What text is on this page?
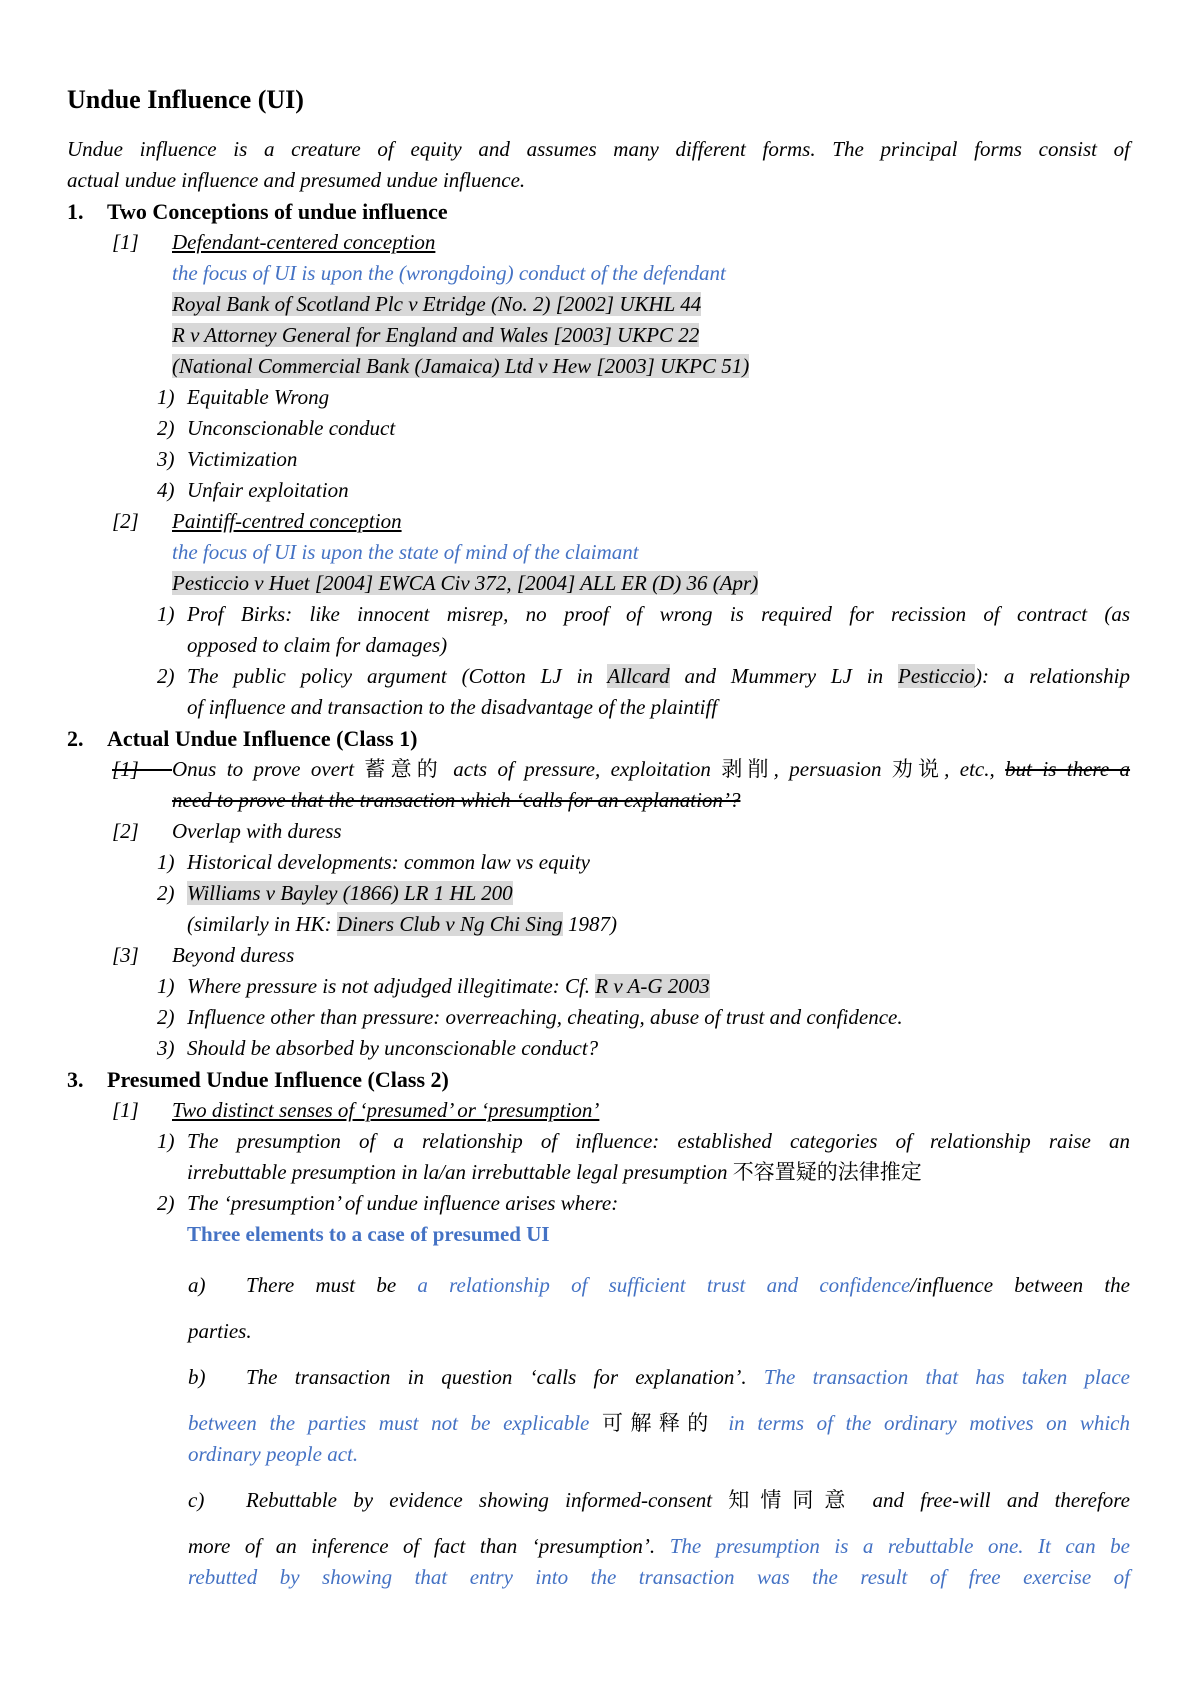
Undue Influence (UI)
Undue influence is a creature of equity and assumes many different forms. The principal forms consist of
actual undue influence and presumed undue influence.
1. Two Conceptions of undue influence
[1] Defendant-centered conception
the focus of UI is upon the (wrongdoing) conduct of the defendant
Royal Bank of Scotland Plc v Etridge (No. 2) [2002] UKHL 44
R v Attorney General for England and Wales [2003] UKPC 22
(National Commercial Bank (Jamaica) Ltd v Hew [2003] UKPC 51)
1) Equitable Wrong
2) Unconscionable conduct
3) Victimization
4) Unfair exploitation
[2] Paintiff-centred conception
the focus of UI is upon the state of mind of the claimant
Pesticcio v Huet [2004] EWCA Civ 372, [2004] ALL ER (D) 36 (Apr)
1) Prof Birks: like innocent misrep, no proof of wrong is required for recission of contract (as
opposed to claim for damages)
2) The public policy argument (Cotton LJ in Allcard and Mummery LJ in Pesticcio): a relationship
of influence and transaction to the disadvantage of the plaintiff
2. Actual Undue Influence (Class 1)
[1]     Onus to prove overt 蓄意的 acts of pressure, exploitation 剥削, persuasion 劝说, etc., but is there a
need to prove that the transaction which ‘calls for an explanation’?
[2] Overlap with duress
1) Historical developments: common law vs equity
2) Williams v Bayley (1866) LR 1 HL 200
(similarly in HK: Diners Club v Ng Chi Sing 1987)
[3] Beyond duress
1) Where pressure is not adjudged illegitimate: Cf. R v A-G 2003
2) Influence other than pressure: overreaching, cheating, abuse of trust and confidence.
3) Should be absorbed by unconscionable conduct?
3. Presumed Undue Influence (Class 2)
[1] Two distinct senses of ‘presumed’ or ‘presumption’
1) The presumption of a relationship of influence: established categories of relationship raise an
irrebuttable presumption in la/an irrebuttable legal presumption 不容置疑的法律推定
2) The ‘presumption’ of undue influence arises where:
Three elements to a case of presumed UI
a) There must be a relationship of sufficient trust and confidence/influence between the
parties.
b) The transaction in question ‘calls for explanation’. The transaction that has taken place
between the parties must not be explicable 可解释的 in terms of the ordinary motives on which
ordinary people act.
c) Rebuttable by evidence showing informed-consent 知情同意 and free-will and therefore
more of an inference of fact than ‘presumption’. The presumption is a rebuttable one. It can be
rebutted by showing that entry into the transaction was the result of free exercise of
